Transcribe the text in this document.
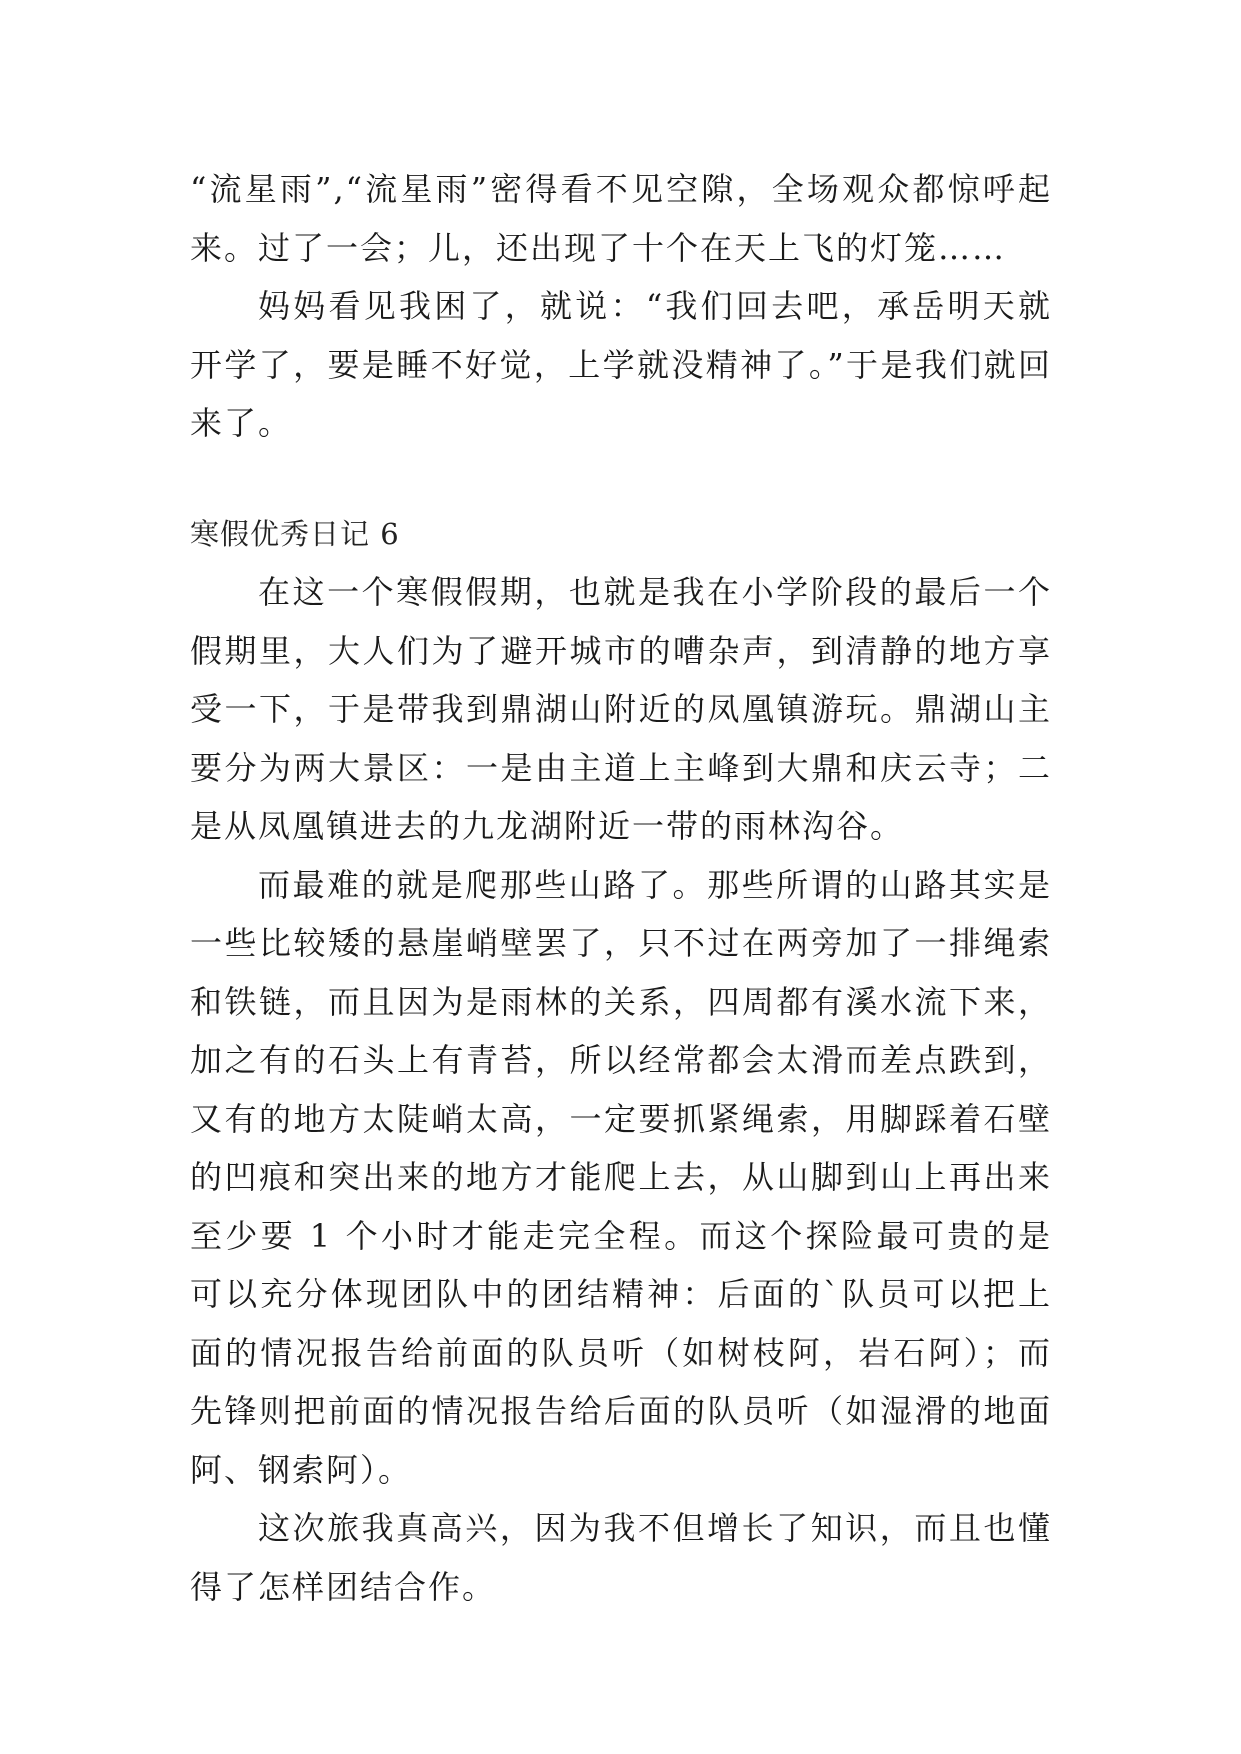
“流星雨”,“流星雨”密得看不见空隙，全场观众都惊呼起来。过了一会；儿，还出现了十个在天上飞的灯笼……

妈妈看见我困了，就说：“我们回去吧，承岳明天就开学了，要是睡不好觉，上学就没精神了。”于是我们就回来了。

寒假优秀日记 6

在这一个寒假假期，也就是我在小学阶段的最后一个假期里，大人们为了避开城市的嘈杂声，到清静的地方享受一下，于是带我到鼎湖山附近的凤凰镇游玩。鼎湖山主要分为两大景区：一是由主道上主峰到大鼎和庆云寺；二是从凤凰镇进去的九龙湖附近一带的雨林沟谷。

而最难的就是爬那些山路了。那些所谓的山路其实是一些比较矮的悬崖峭壁罢了，只不过在两旁加了一排绳索和铁链，而且因为是雨林的关系，四周都有溪水流下来，加之有的石头上有青苔，所以经常都会太滑而差点跌到，又有的地方太陡峭太高，一定要抓紧绳索，用脚踩着石壁的凹痕和突出来的地方才能爬上去，从山脚到山上再出来至少要 1 个小时才能走完全程。而这个探险最可贵的是可以充分体现团队中的团结精神：后面的`队员可以把上面的情况报告给前面的队员听（如树枝阿，岩石阿）；而先锋则把前面的情况报告给后面的队员听（如湿滑的地面阿、钢索阿）。

这次旅我真高兴，因为我不但增长了知识，而且也懂得了怎样团结合作。
